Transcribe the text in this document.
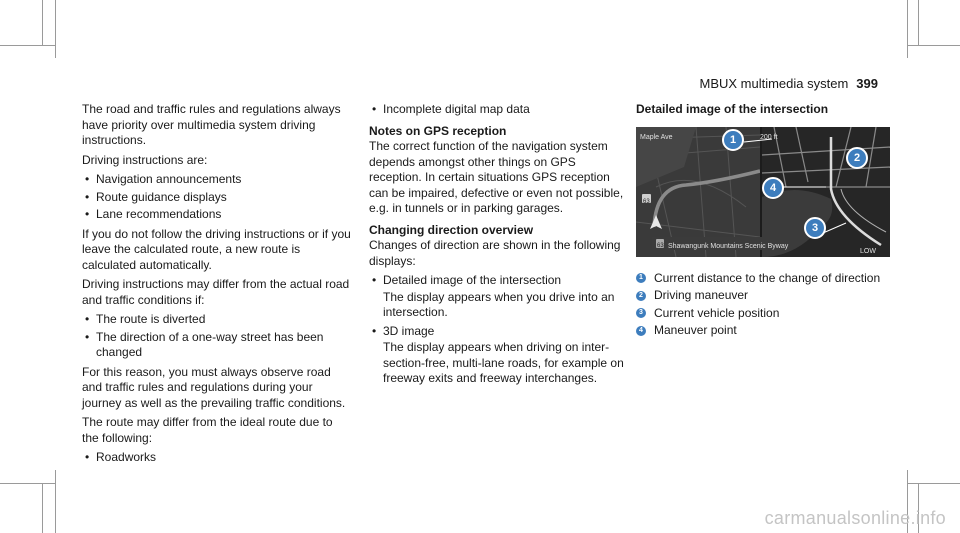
MBUX multimedia system 399

The road and traffic rules and regulations always have priority over multimedia system driving instructions.

Driving instructions are:

• Navigation announcements
• Route guidance displays
• Lane recommendations

If you do not follow the driving instructions or if you leave the calculated route, a new route is calculated automatically.

Driving instructions may differ from the actual road and traffic conditions if:

• The route is diverted
• The direction of a one-way street has been changed

For this reason, you must always observe road and traffic rules and regulations during your journey as well as the prevailing traffic conditions.

The route may differ from the ideal route due to the following:

• Roadworks
• Incomplete digital map data
Notes on GPS reception

The correct function of the navigation system depends amongst other things on GPS reception. In certain situations GPS reception can be impaired, defective or even not possible, e.g. in tunnels or in parking garages.

Changing direction overview

Changes of direction are shown in the following displays:

• Detailed image of the intersection
The display appears when you drive into an intersection.
• 3D image
The display appears when driving on inter-section-free, multi-lane roads, for example on freeway exits and freeway interchanges.
Detailed image of the intersection
Maple Ave	200 ft
63
63 Shawangunk Mountains Scenic Byway
LOW
1
2
3
4
1 Current distance to the change of direction
2 Driving maneuver
3 Current vehicle position
4 Maneuver point
carmanualsonline.info
